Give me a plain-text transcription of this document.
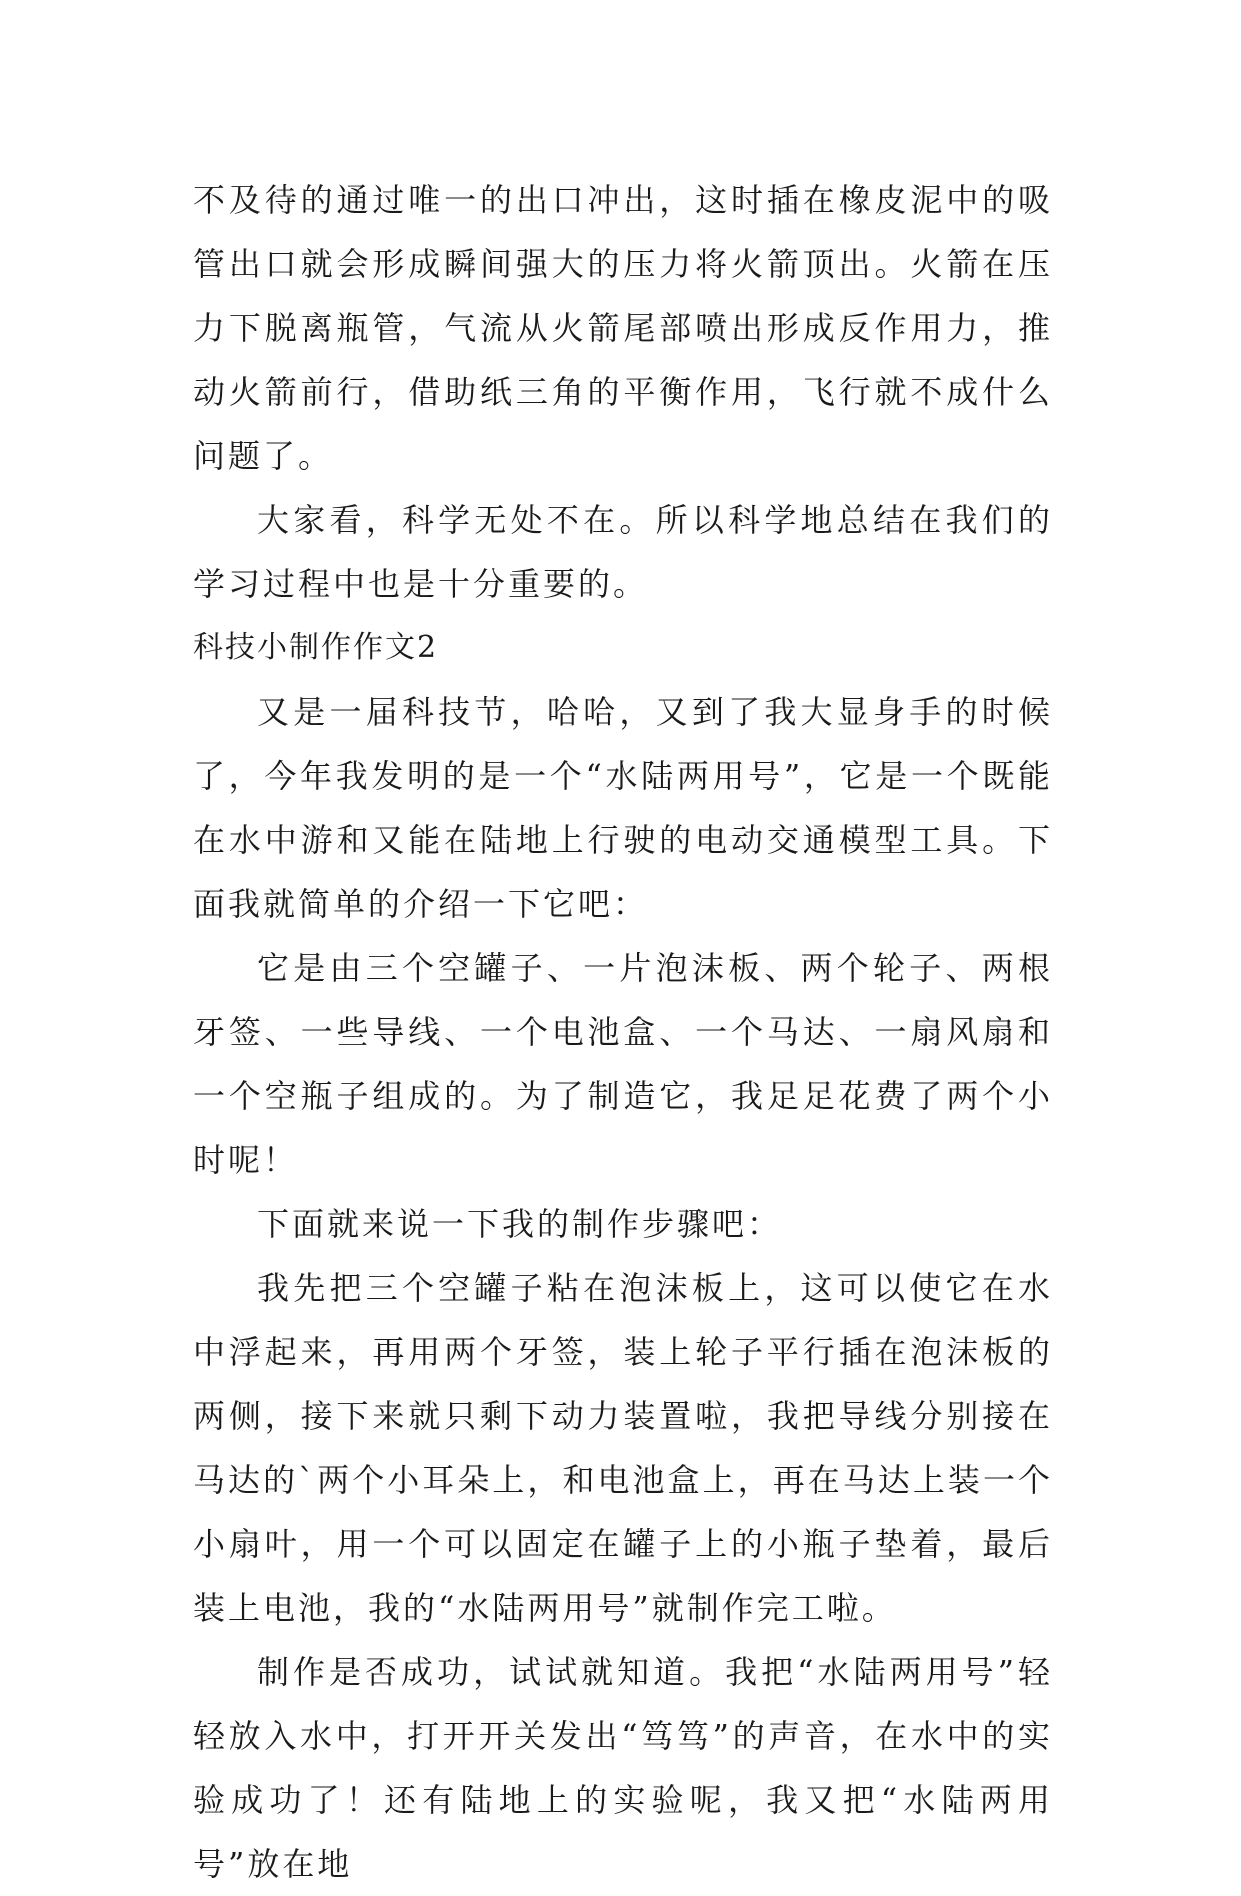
不及待的通过唯一的出口冲出，这时插在橡皮泥中的吸管出口就会形成瞬间强大的压力将火箭顶出。火箭在压力下脱离瓶管，气流从火箭尾部喷出形成反作用力，推动火箭前行，借助纸三角的平衡作用，飞行就不成什么问题了。

大家看，科学无处不在。所以科学地总结在我们的学习过程中也是十分重要的。

科技小制作作文2

又是一届科技节，哈哈，又到了我大显身手的时候了，今年我发明的是一个“水陆两用号”，它是一个既能在水中游和又能在陆地上行驶的电动交通模型工具。下面我就简单的介绍一下它吧：

它是由三个空罐子、一片泡沫板、两个轮子、两根牙签、一些导线、一个电池盒、一个马达、一扇风扇和一个空瓶子组成的。为了制造它，我足足花费了两个小时呢！

下面就来说一下我的制作步骤吧：

我先把三个空罐子粘在泡沫板上，这可以使它在水中浮起来，再用两个牙签，装上轮子平行插在泡沫板的两侧，接下来就只剩下动力装置啦，我把导线分别接在马达的`两个小耳朵上，和电池盒上，再在马达上装一个小扇叶，用一个可以固定在罐子上的小瓶子垫着，最后装上电池，我的“水陆两用号”就制作完工啦。

制作是否成功，试试就知道。我把“水陆两用号”轻轻放入水中，打开开关发出“笃笃”的声音，在水中的实验成功了！还有陆地上的实验呢，我又把“水陆两用号”放在地
